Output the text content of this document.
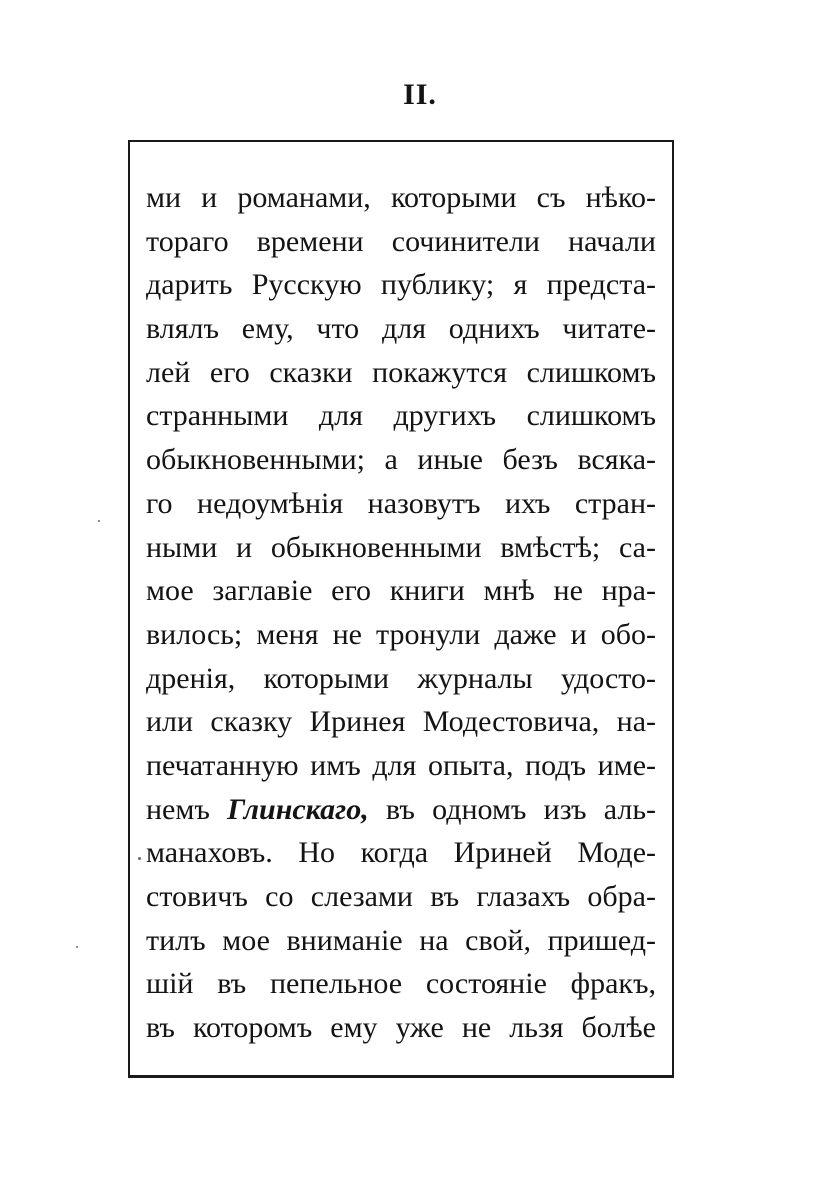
II.
ми и романами, которыми съ нѣко-
тораго времени сочинители начали
дарить Русскую публику; я предста-
влялъ ему, что для однихъ читате-
лей его сказки покажутся слишкомъ
странными для другихъ слишкомъ
обыкновенными; а иные безъ всяка-
го недоумѣнія назовутъ ихъ стран-
ными и обыкновенными вмѣстѣ; са-
мое заглавіе его книги мнѣ не нра-
вилось; меня не тронули даже и обо-
дренія, которыми журналы удосто-
или сказку Иринея Модестовича, на-
печатанную имъ для опыта, подъ име-
немъ Глинскаго, въ одномъ изъ аль-
манаховъ. Но когда Ириней Моде-
стовичъ со слезами въ глазахъ обра-
тилъ мое вниманіе на свой, пришед-
шій въ пепельное состояніе фракъ,
въ которомъ ему уже не льзя болѣе
